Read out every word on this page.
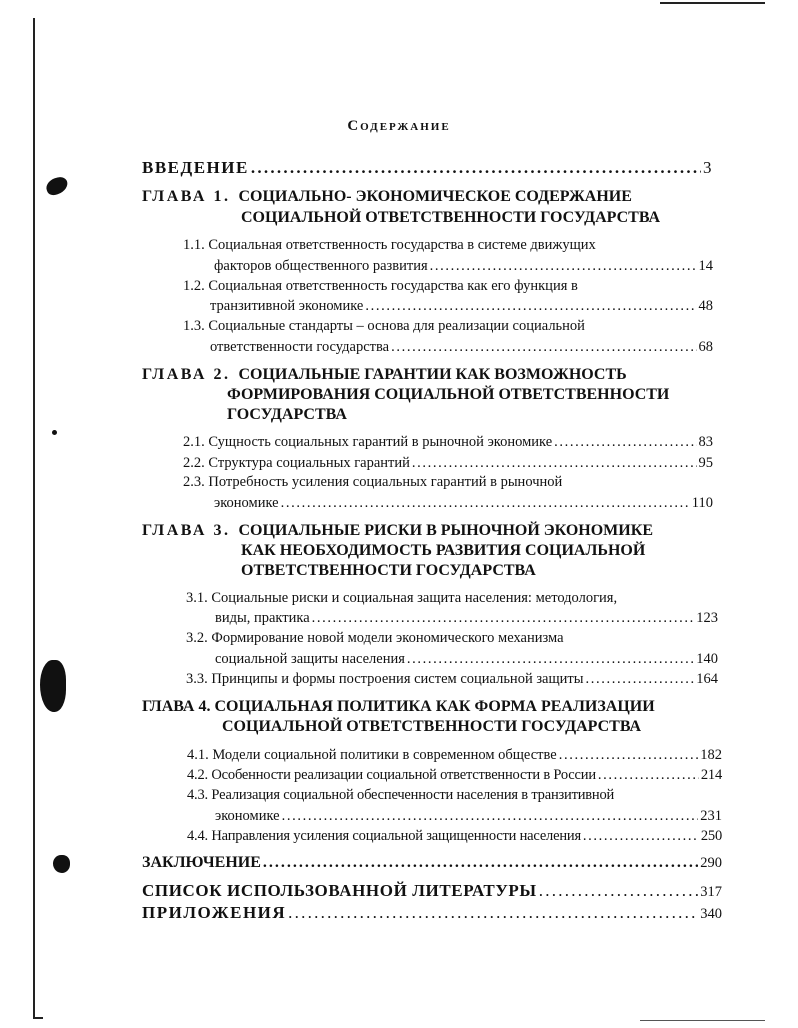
Содержание
ВВЕДЕНИЕ . . .	3
ГЛАВА 1. СОЦИАЛЬНО- ЭКОНОМИЧЕСКОЕ СОДЕРЖАНИЕ
СОЦИАЛЬНОЙ ОТВЕТСТВЕННОСТИ ГОСУДАРСТВА
1.1. Социальная ответственность государства в системе движущих
факторов общественного развития . . .	14
1.2. Социальная ответственность государства как его функция в
транзитивной экономике . . .	48
1.3. Социальные стандарты – основа для реализации социальной
ответственности государства . . .	68
ГЛАВА 2. СОЦИАЛЬНЫЕ ГАРАНТИИ КАК ВОЗМОЖНОСТЬ
ФОРМИРОВАНИЯ СОЦИАЛЬНОЙ ОТВЕТСТВЕННОСТИ
ГОСУДАРСТВА
2.1. Сущность социальных гарантий в рыночной экономике . . .	83
2.2. Структура социальных гарантий . . .	95
2.3. Потребность усиления социальных гарантий в рыночной
экономике . . .	110
ГЛАВА 3. СОЦИАЛЬНЫЕ РИСКИ В РЫНОЧНОЙ ЭКОНОМИКЕ
КАК НЕОБХОДИМОСТЬ РАЗВИТИЯ СОЦИАЛЬНОЙ
ОТВЕТСТВЕННОСТИ ГОСУДАРСТВА
3.1. Социальные риски и социальная защита населения: методология,
виды, практика . . .	123
3.2. Формирование новой модели экономического механизма
социальной защиты населения . . .	140
3.3. Принципы и формы построения систем социальной защиты . . .	164
ГЛАВА 4. СОЦИАЛЬНАЯ ПОЛИТИКА КАК ФОРМА РЕАЛИЗАЦИИ
СОЦИАЛЬНОЙ ОТВЕТСТВЕННОСТИ ГОСУДАРСТВА
4.1. Модели социальной политики в современном обществе . . .	182
4.2. Особенности реализации социальной ответственности в России . . .	214
4.3. Реализация социальной обеспеченности населения в транзитивной
экономике . . .	231
4.4. Направления усиления социальной защищенности населения . . .	250
ЗАКЛЮЧЕНИЕ . . .	290
СПИСОК ИСПОЛЬЗОВАННОЙ ЛИТЕРАТУРЫ . . .	317
ПРИЛОЖЕНИЯ . . .	340
